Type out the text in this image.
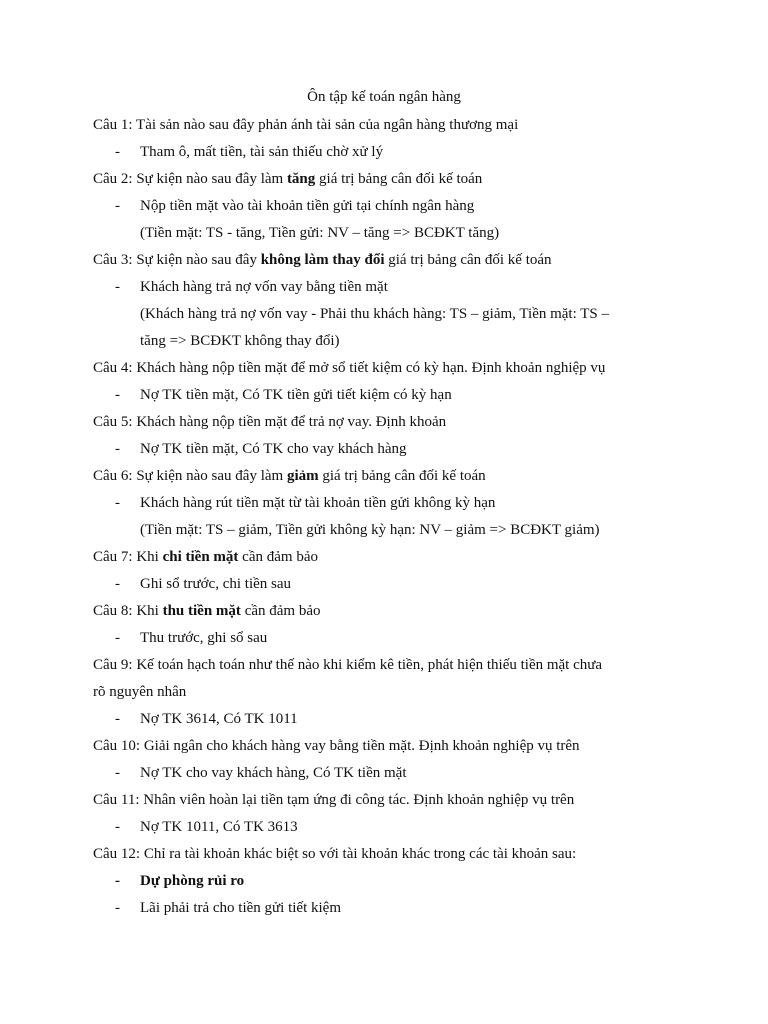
Ôn tập kế toán ngân hàng
Câu 1: Tài sản nào sau đây phản ánh tài sản của ngân hàng thương mại
- Tham ô, mất tiền, tài sản thiếu chờ xử lý
Câu 2: Sự kiện nào sau đây làm tăng giá trị bảng cân đối kế toán
- Nộp tiền mặt vào tài khoản tiền gửi tại chính ngân hàng
(Tiền mặt: TS - tăng, Tiền gửi: NV – tăng => BCĐKT tăng)
Câu 3: Sự kiện nào sau đây không làm thay đổi giá trị bảng cân đối kế toán
- Khách hàng trả nợ vốn vay bằng tiền mặt
(Khách hàng trả nợ vốn vay - Phải thu khách hàng: TS – giảm, Tiền mặt: TS –
tăng => BCĐKT không thay đổi)
Câu 4: Khách hàng nộp tiền mặt để mở sổ tiết kiệm có kỳ hạn. Định khoản nghiệp vụ
- Nợ TK tiền mặt, Có TK tiền gửi tiết kiệm có kỳ hạn
Câu 5: Khách hàng nộp tiền mặt để trả nợ vay. Định khoản
- Nợ TK tiền mặt, Có TK cho vay khách hàng
Câu 6: Sự kiện nào sau đây làm giảm giá trị bảng cân đối kế toán
- Khách hàng rút tiền mặt từ tài khoản tiền gửi không kỳ hạn
(Tiền mặt: TS – giảm, Tiền gửi không kỳ hạn: NV – giảm => BCĐKT giảm)
Câu 7: Khi chi tiền mặt cần đảm bảo
- Ghi sổ trước, chi tiền sau
Câu 8: Khi thu tiền mặt cần đảm bảo
- Thu trước, ghi sổ sau
Câu 9: Kế toán hạch toán như thế nào khi kiểm kê tiền, phát hiện thiếu tiền mặt chưa
rõ nguyên nhân
- Nợ TK 3614, Có TK 1011
Câu 10: Giải ngân cho khách hàng vay bằng tiền mặt. Định khoản nghiệp vụ trên
- Nợ TK cho vay khách hàng, Có TK tiền mặt
Câu 11: Nhân viên hoàn lại tiền tạm ứng đi công tác. Định khoản nghiệp vụ trên
- Nợ TK 1011, Có TK 3613
Câu 12: Chỉ ra tài khoản khác biệt so với tài khoản khác trong các tài khoản sau:
- Dự phòng rủi ro
- Lãi phải trả cho tiền gửi tiết kiệm
